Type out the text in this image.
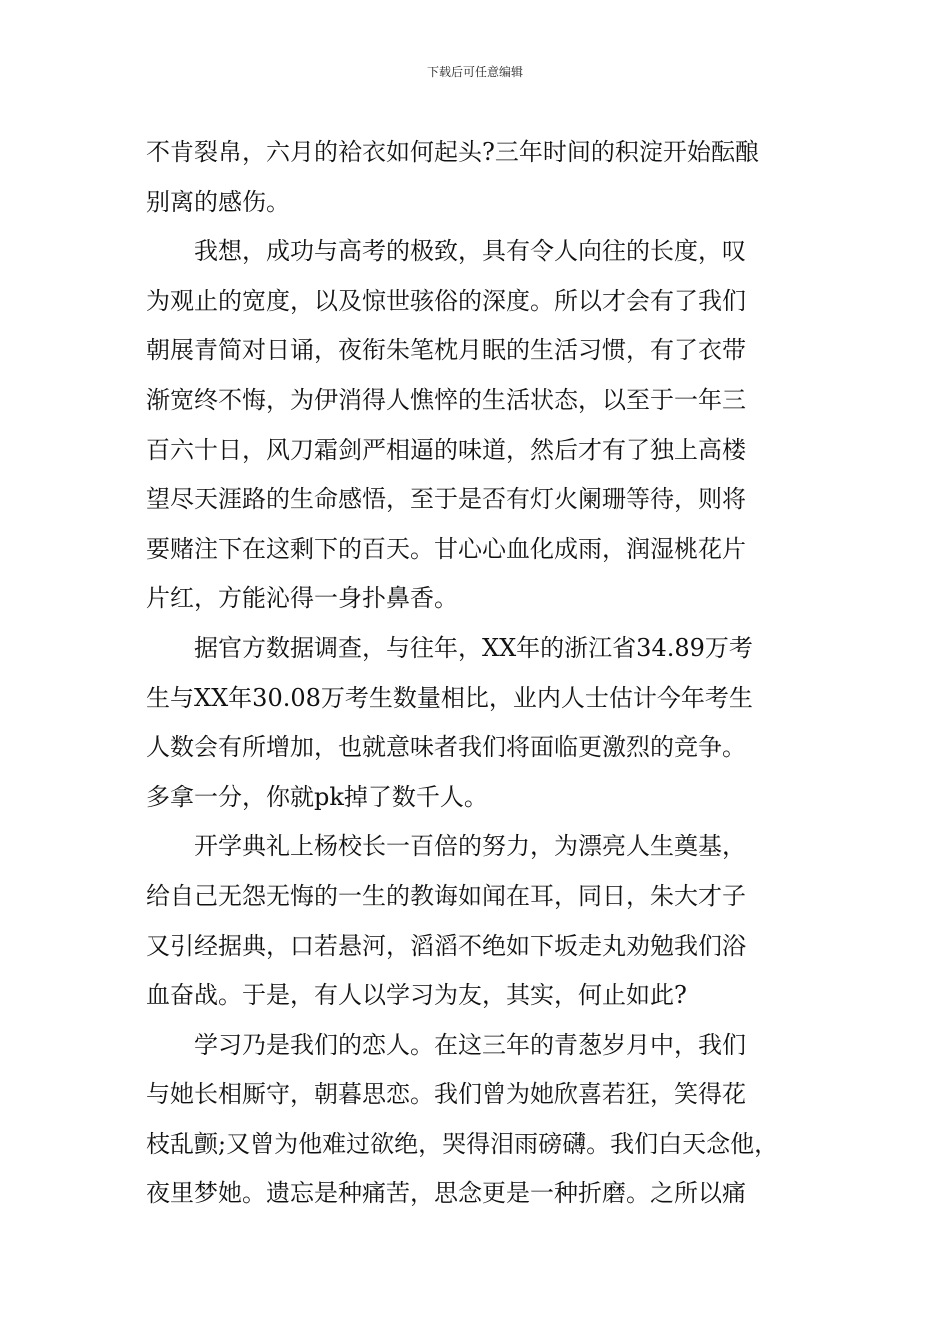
下载后可任意编辑
不肯裂帛，六月的袷衣如何起头?三年时间的积淀开始酝酿
别离的感伤。
　　我想，成功与高考的极致，具有令人向往的长度，叹
为观止的宽度，以及惊世骇俗的深度。所以才会有了我们
朝展青简对日诵，夜衔朱笔枕月眠的生活习惯，有了衣带
渐宽终不悔，为伊消得人憔悴的生活状态，以至于一年三
百六十日，风刀霜剑严相逼的味道，然后才有了独上高楼
望尽天涯路的生命感悟，至于是否有灯火阑珊等待，则将
要赌注下在这剩下的百天。甘心心血化成雨，润湿桃花片
片红，方能沁得一身扑鼻香。
　　据官方数据调查，与往年，XX年的浙江省34.89万考
生与XX年30.08万考生数量相比，业内人士估计今年考生
人数会有所增加，也就意味者我们将面临更激烈的竞争。
多拿一分，你就pk掉了数千人。
　　开学典礼上杨校长一百倍的努力，为漂亮人生奠基，
给自己无怨无悔的一生的教诲如闻在耳，同日，朱大才子
又引经据典，口若悬河，滔滔不绝如下坂走丸劝勉我们浴
血奋战。于是，有人以学习为友，其实，何止如此?
　　学习乃是我们的恋人。在这三年的青葱岁月中，我们
与她长相厮守，朝暮思恋。我们曾为她欣喜若狂，笑得花
枝乱颤;又曾为他难过欲绝，哭得泪雨磅礴。我们白天念他，
夜里梦她。遗忘是种痛苦，思念更是一种折磨。之所以痛
